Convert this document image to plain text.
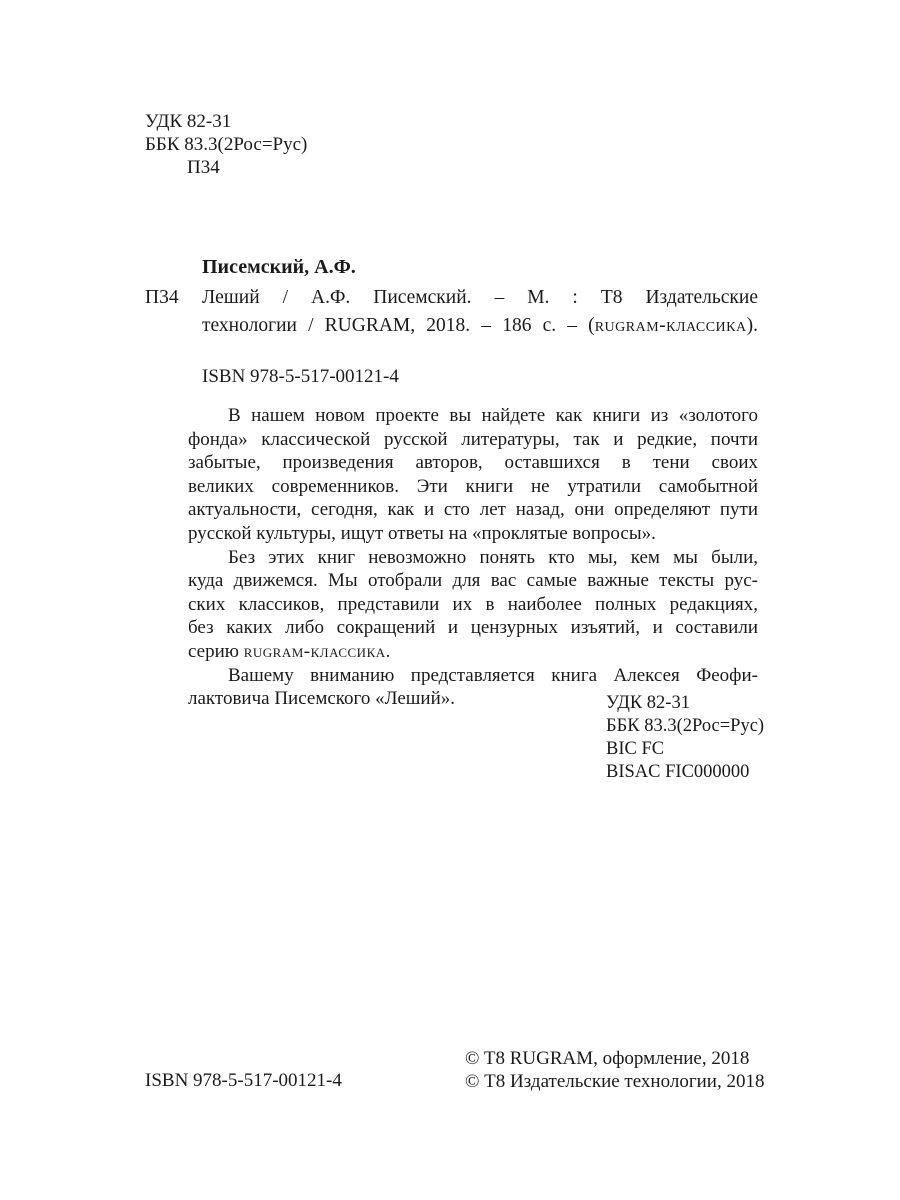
УДК 82-31
ББК 83.3(2Рос=Рус)
П34
Писемский, А.Ф.
П34 Леший / А.Ф. Писемский. – М. : Т8 Издательские
технологии / RUGRAM, 2018. – 186 с. – (rugram-классика).
ISBN 978-5-517-00121-4

В нашем новом проекте вы найдете как книги из «золотого
фонда» классической русской литературы, так и редкие, почти
забытые, произведения авторов, оставшихся в тени своих
великих современников. Эти книги не утратили самобытной
актуальности, сегодня, как и сто лет назад, они определяют пути
русской культуры, ищут ответы на «проклятые вопросы».

Без этих книг невозможно понять кто мы, кем мы были,
куда движемся. Мы отобрали для вас самые важные тексты рус-
ских классиков, представили их в наиболее полных редакциях,
без каких либо сокращений и цензурных изъятий, и составили
серию rugram-классика.

Вашему вниманию представляется книга Алексея Феофи-
лактовича Писемского «Леший».	УДК 82-31
ББК 83.3(2Рос=Рус)
BIC FC
BISAC FIC000000
© T8 RUGRAM, оформление, 2018
© Т8 Издательские технологии, 2018
ISBN 978-5-517-00121-4
